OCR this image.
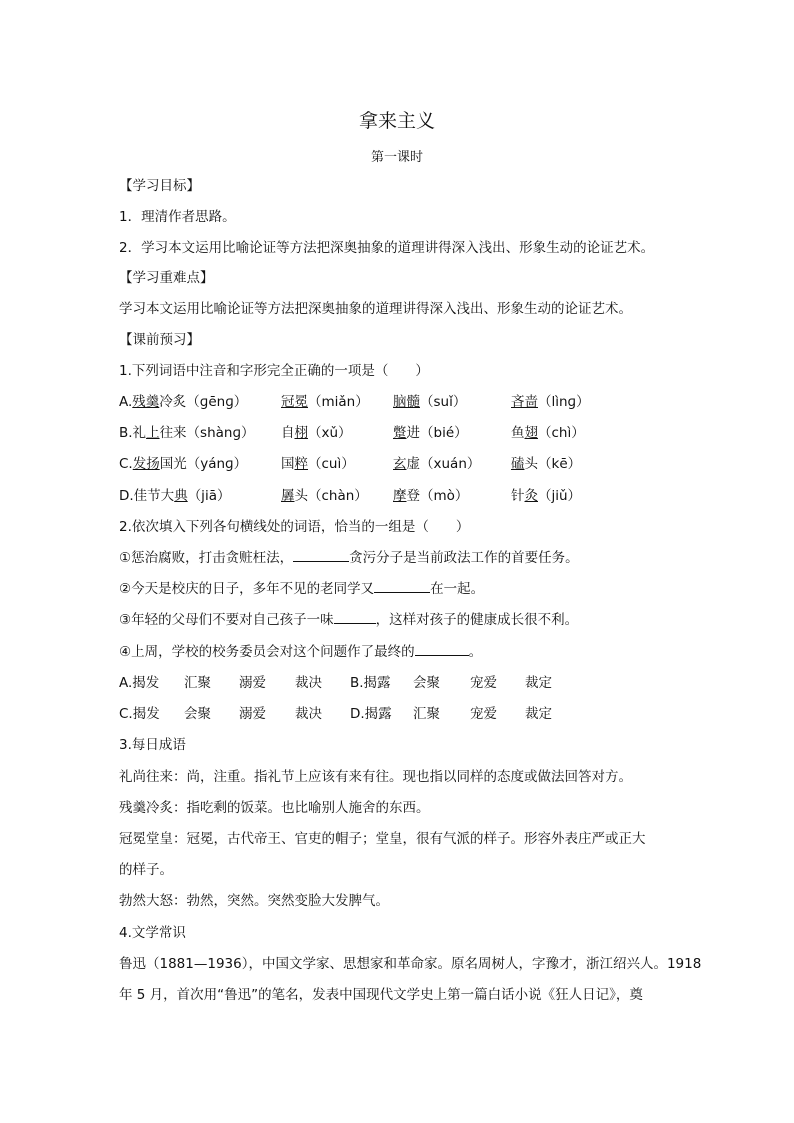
拿来主义
第一课时
【学习目标】
1．理清作者思路。
2．学习本文运用比喻论证等方法把深奥抽象的道理讲得深入浅出、形象生动的论证艺术。
【学习重难点】
学习本文运用比喻论证等方法把深奥抽象的道理讲得深入浅出、形象生动的论证艺术。
【课前预习】
1.下列词语中注音和字形完全正确的一项是（　　）
A.残羹冷炙（ɡēnɡ） 冠冕（miǎn） 脑髓（suǐ）	吝啬（lìnɡ）
B.礼上往来（shànɡ） 自栩（xǔ）	蹩进（bié）	鱼翅（chì）
C.发扬国光（yánɡ）	国粹（cuì）	玄虚（xuán） 磕头（kē）
D.佳节大典（jiā）	羼头（chàn） 摩登（mò）	针灸（jiǔ）
2.依次填入下列各句横线处的词语，恰当的一组是（　　）
①惩治腐败，打击贪赃枉法，	贪污分子是当前政法工作的首要任务。
②今天是校庆的日子，多年不见的老同学又	在一起。
③年轻的父母们不要对自己孩子一味	，这样对孩子的健康成长很不利。
④上周，学校的校务委员会对这个问题作了最终的	。
A.揭发 汇聚 溺爱 裁决 B.揭露 会聚 宠爱 裁定
C.揭发 会聚 溺爱 裁决 D.揭露 汇聚 宠爱 裁定
3.每日成语
礼尚往来：尚，注重。指礼节上应该有来有往。现也指以同样的态度或做法回答对方。
残羹冷炙：指吃剩的饭菜。也比喻别人施舍的东西。
冠冕堂皇：冠冕，古代帝王、官吏的帽子；堂皇，很有气派的样子。形容外表庄严或正大
的样子。
勃然大怒：勃然，突然。突然变脸大发脾气。
4.文学常识
鲁迅（1881—1936），中国文学家、思想家和革命家。原名周树人，字豫才，浙江绍兴人。1918
年 5 月，首次用“鲁迅”的笔名，发表中国现代文学史上第一篇白话小说《狂人日记》，奠
